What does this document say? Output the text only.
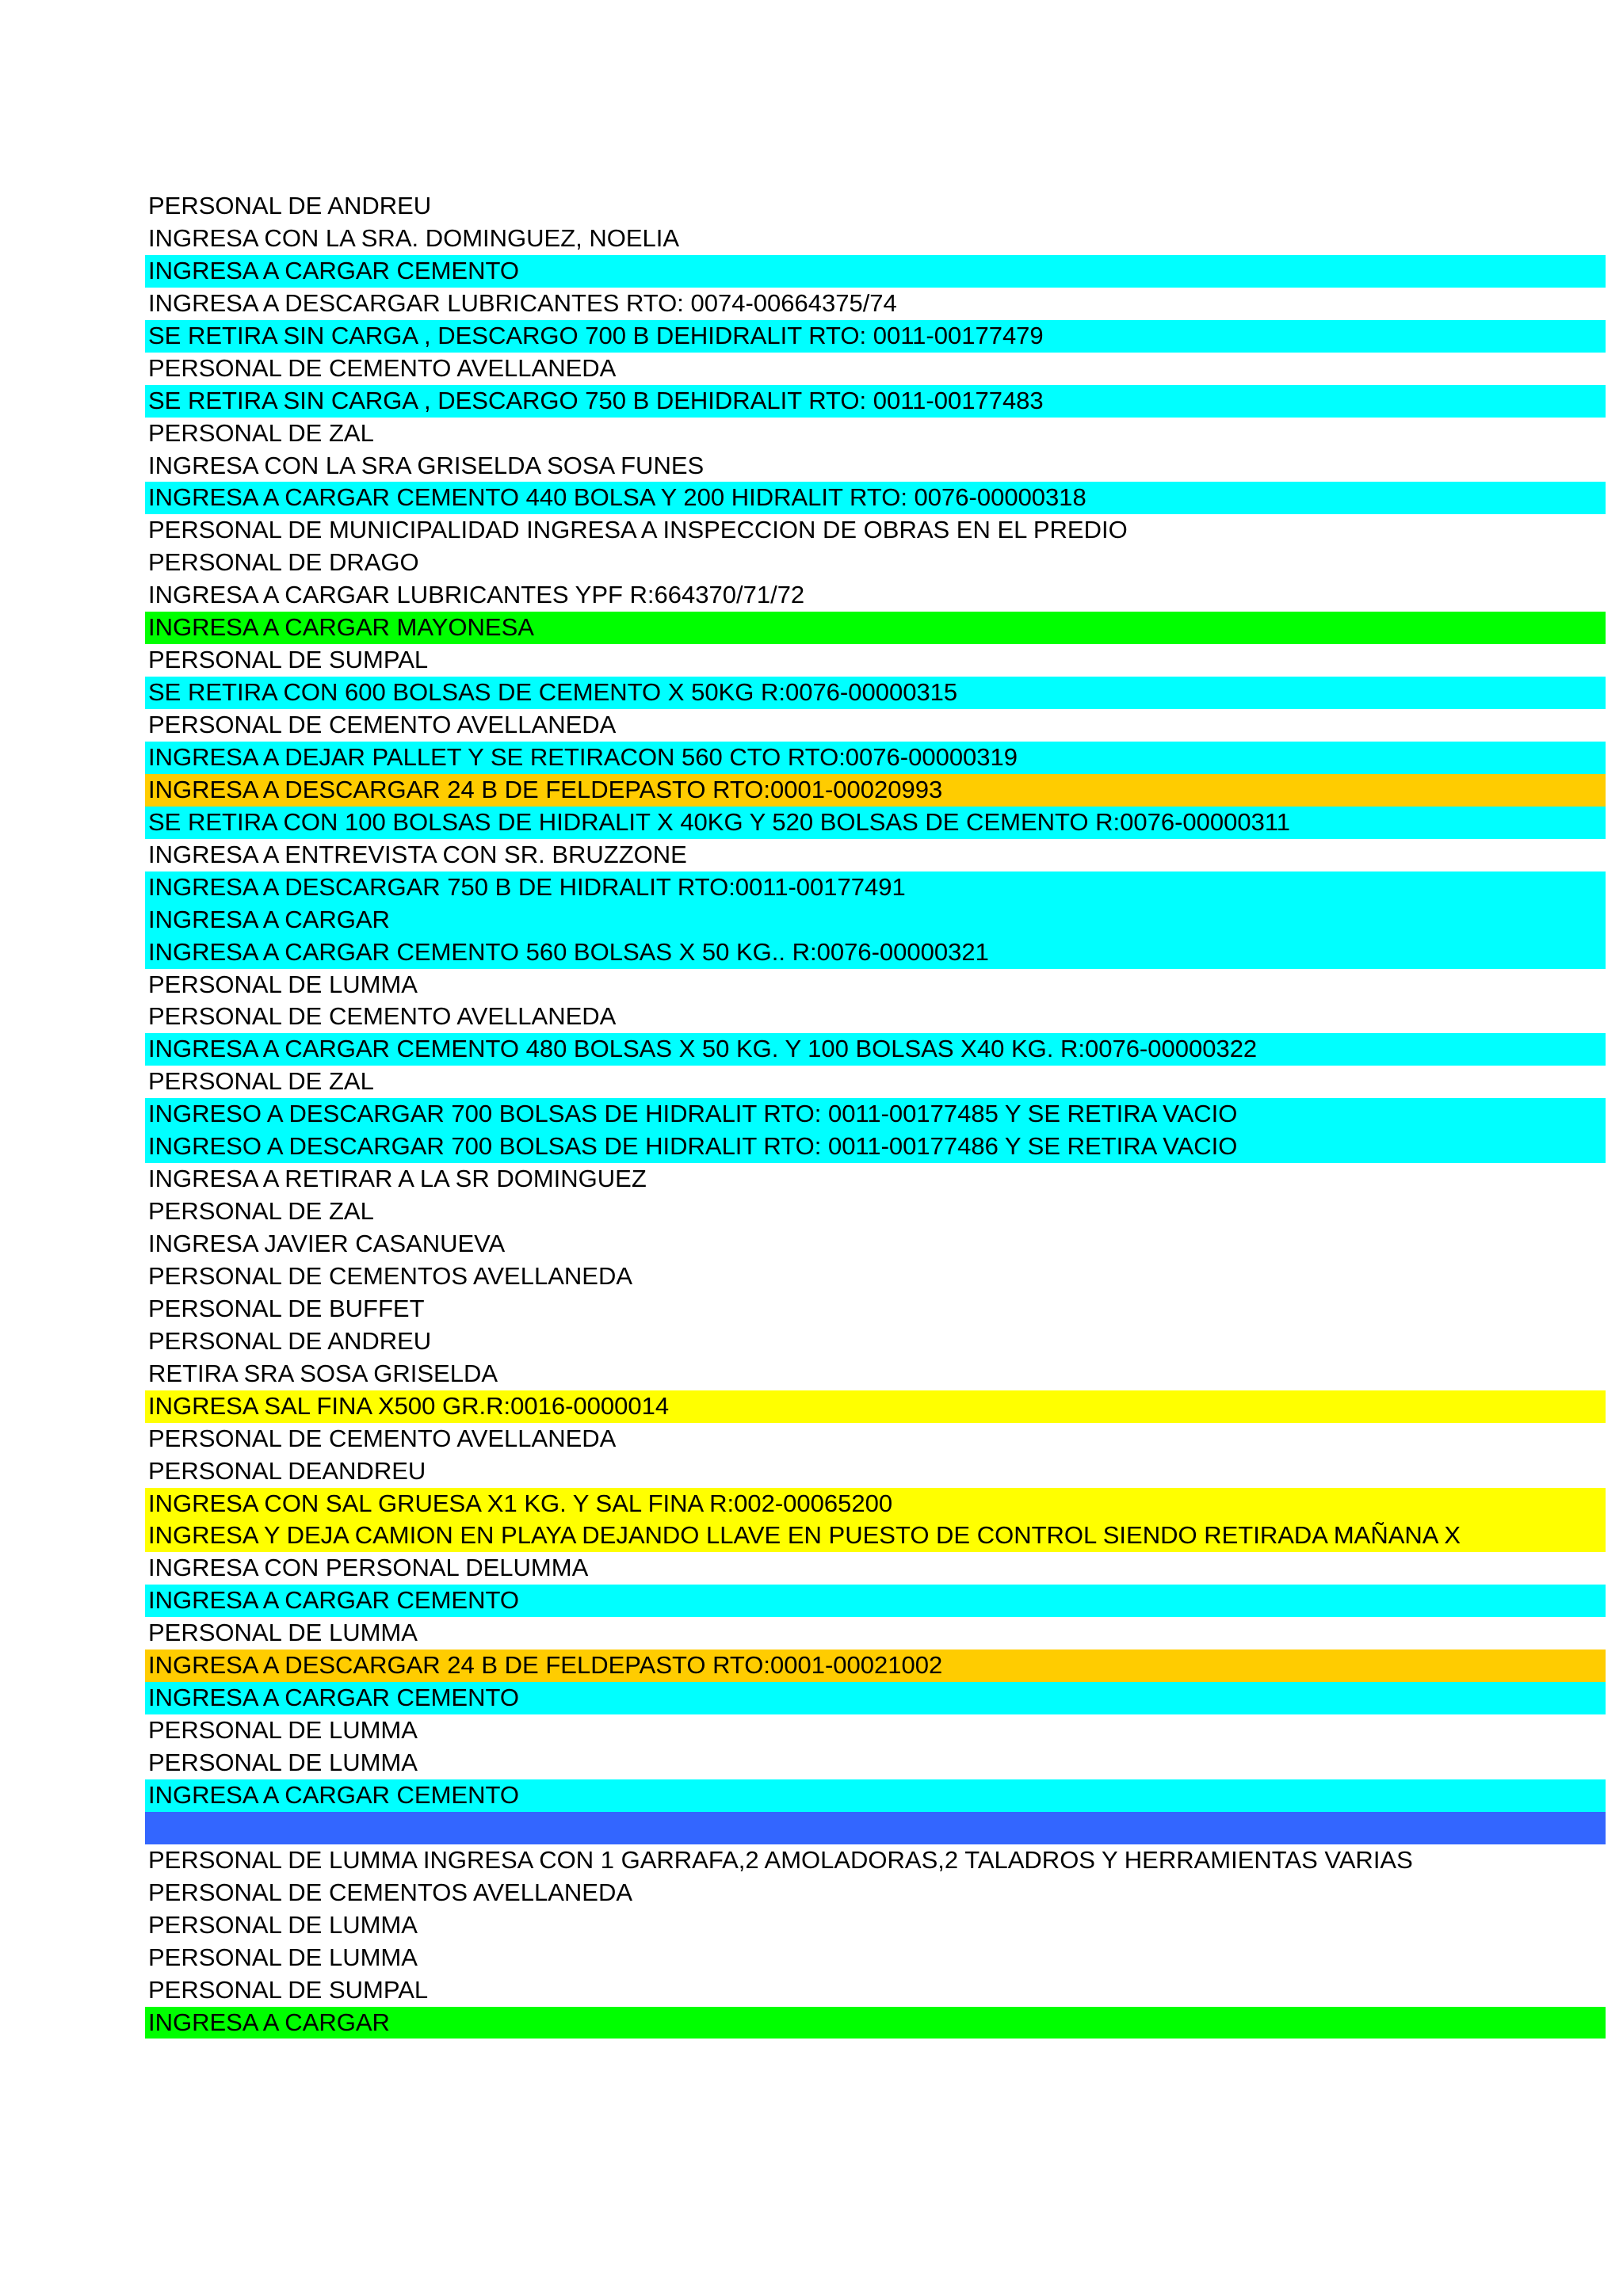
PERSONAL DE ANDREU
INGRESA CON LA SRA. DOMINGUEZ, NOELIA
INGRESA A CARGAR CEMENTO
INGRESA A DESCARGAR LUBRICANTES RTO: 0074-00664375/74
SE RETIRA SIN CARGA , DESCARGO 700 B DEHIDRALIT RTO: 0011-00177479
PERSONAL DE CEMENTO AVELLANEDA
SE RETIRA SIN CARGA , DESCARGO 750 B DEHIDRALIT RTO: 0011-00177483
PERSONAL DE ZAL
INGRESA CON LA SRA GRISELDA SOSA FUNES
INGRESA A CARGAR CEMENTO 440 BOLSA Y 200 HIDRALIT RTO: 0076-00000318
PERSONAL DE MUNICIPALIDAD INGRESA A INSPECCION DE OBRAS EN EL PREDIO
PERSONAL DE DRAGO
INGRESA A CARGAR LUBRICANTES YPF R:664370/71/72
INGRESA A CARGAR MAYONESA
PERSONAL DE SUMPAL
SE RETIRA CON 600 BOLSAS DE CEMENTO X 50KG R:0076-00000315
PERSONAL DE CEMENTO AVELLANEDA
INGRESA A DEJAR PALLET Y SE RETIRACON 560 CTO RTO:0076-00000319
INGRESA A DESCARGAR 24 B DE FELDEPASTO RTO:0001-00020993
SE RETIRA CON 100 BOLSAS DE HIDRALIT X 40KG Y 520 BOLSAS DE CEMENTO R:0076-00000311
INGRESA A ENTREVISTA CON SR. BRUZZONE
INGRESA A DESCARGAR 750 B DE HIDRALIT RTO:0011-00177491
INGRESA A CARGAR
INGRESA A CARGAR CEMENTO 560 BOLSAS X 50 KG.. R:0076-00000321
PERSONAL DE LUMMA
PERSONAL DE CEMENTO AVELLANEDA
INGRESA A CARGAR CEMENTO 480 BOLSAS X 50 KG. Y 100 BOLSAS X40 KG. R:0076-00000322
PERSONAL DE ZAL
INGRESO A DESCARGAR 700 BOLSAS DE HIDRALIT RTO: 0011-00177485 Y SE RETIRA VACIO
INGRESO A DESCARGAR 700 BOLSAS DE HIDRALIT RTO: 0011-00177486 Y SE RETIRA VACIO
INGRESA A RETIRAR A LA SR DOMINGUEZ
PERSONAL DE ZAL
INGRESA JAVIER CASANUEVA
PERSONAL DE CEMENTOS AVELLANEDA
PERSONAL DE BUFFET
PERSONAL DE ANDREU
RETIRA SRA SOSA GRISELDA
INGRESA SAL FINA X500 GR.R:0016-0000014
PERSONAL DE CEMENTO AVELLANEDA
PERSONAL DEANDREU
INGRESA CON SAL GRUESA X1 KG. Y SAL FINA R:002-00065200
INGRESA Y DEJA CAMION EN PLAYA DEJANDO LLAVE EN PUESTO DE CONTROL SIENDO RETIRADA MAÑANA X
INGRESA CON PERSONAL DELUMMA
INGRESA A CARGAR CEMENTO
PERSONAL DE LUMMA
INGRESA A DESCARGAR 24 B DE FELDEPASTO RTO:0001-00021002
INGRESA A CARGAR CEMENTO
PERSONAL DE LUMMA
PERSONAL DE LUMMA
INGRESA A CARGAR CEMENTO
PERSONAL DE LUMMA INGRESA CON 1 GARRAFA,2 AMOLADORAS,2 TALADROS Y HERRAMIENTAS VARIAS
PERSONAL DE CEMENTOS AVELLANEDA
PERSONAL DE LUMMA
PERSONAL DE LUMMA
PERSONAL DE SUMPAL
INGRESA A CARGAR
